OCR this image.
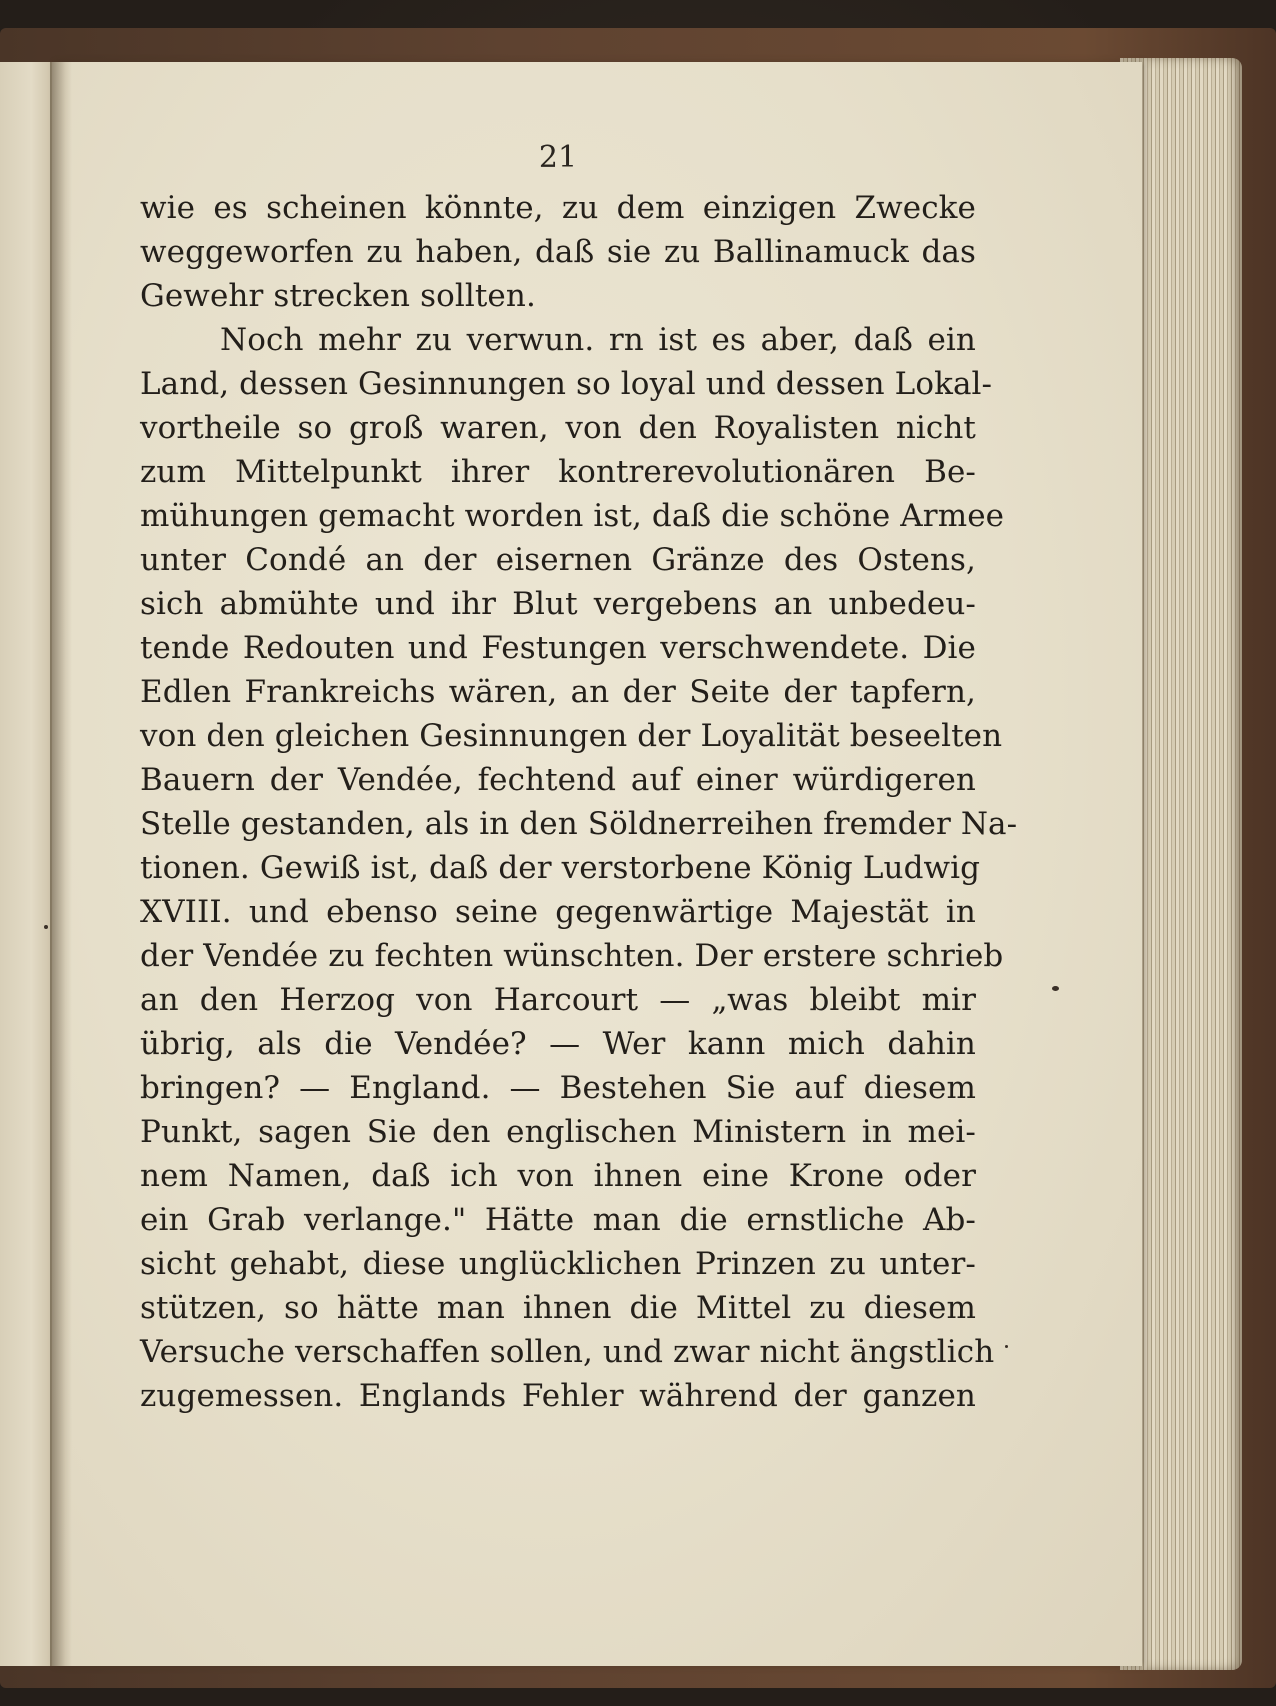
21
wie es scheinen könnte, zu dem einzigen Zwecke
weggeworfen zu haben, daß sie zu Ballinamuck das
Gewehr strecken sollten.
Noch mehr zu verwun. rn ist es aber, daß ein
Land, dessen Gesinnungen so loyal und dessen Lokal-
vortheile so groß waren, von den Royalisten nicht
zum Mittelpunkt ihrer kontrerevolutionären Be-
mühungen gemacht worden ist, daß die schöne Armee
unter Condé an der eisernen Gränze des Ostens,
sich abmühte und ihr Blut vergebens an unbedeu-
tende Redouten und Festungen verschwendete. Die
Edlen Frankreichs wären, an der Seite der tapfern,
von den gleichen Gesinnungen der Loyalität beseelten
Bauern der Vendée, fechtend auf einer würdigeren
Stelle gestanden, als in den Söldnerreihen fremder Na-
tionen. Gewiß ist, daß der verstorbene König Ludwig
XVIII. und ebenso seine gegenwärtige Majestät in
der Vendée zu fechten wünschten. Der erstere schrieb
an den Herzog von Harcourt — „was bleibt mir
übrig, als die Vendée? — Wer kann mich dahin
bringen? — England. — Bestehen Sie auf diesem
Punkt, sagen Sie den englischen Ministern in mei-
nem Namen, daß ich von ihnen eine Krone oder
ein Grab verlange." Hätte man die ernstliche Ab-
sicht gehabt, diese unglücklichen Prinzen zu unter-
stützen, so hätte man ihnen die Mittel zu diesem
Versuche verschaffen sollen, und zwar nicht ängstlich
zugemessen. Englands Fehler während der ganzen
